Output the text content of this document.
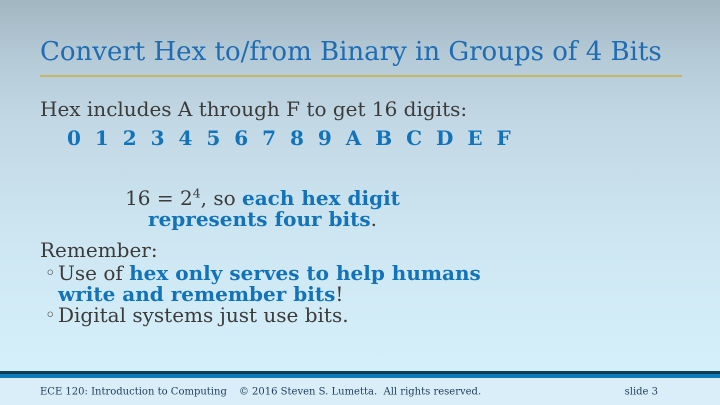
Convert Hex to/from Binary in Groups of 4 Bits
Hex includes A through F to get 16 digits:
0 1 2 3 4 5 6 7 8 9 A B C D E F
$16 = 2^4$, so each hex digit
represents four bits.
Remember:
◦ Use of hex only serves to help humans
write and remember bits!
◦ Digital systems just use bits.
ECE 120: Introduction to Computing © 2016 Steven S. Lumetta.  All rights reserved.	slide 3
